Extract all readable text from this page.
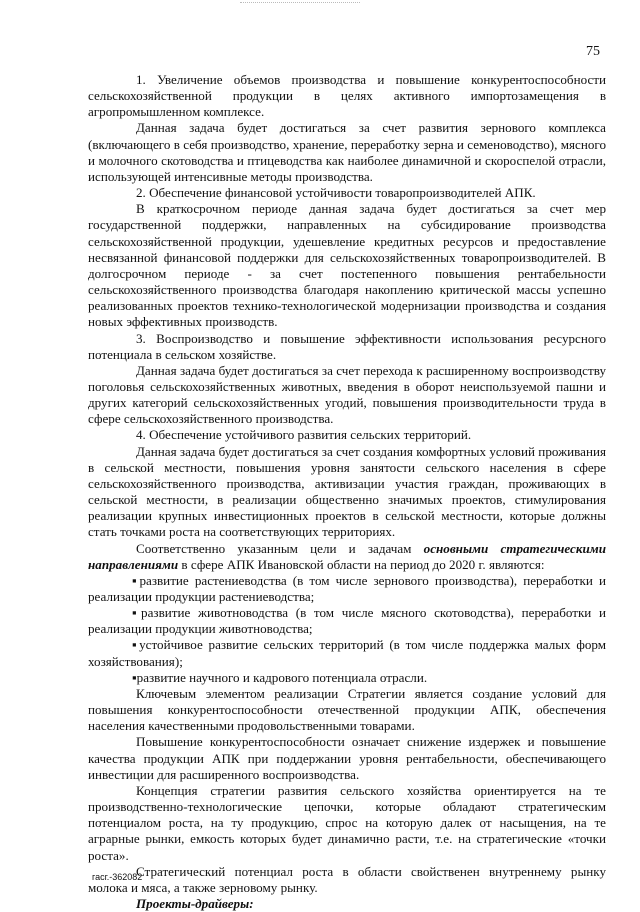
75

1. Увеличение объемов производства и повышение конкурентоспособности сельскохозяйственной продукции в целях активного импортозамещения в агропромышленном комплексе.

Данная задача будет достигаться за счет развития зернового комплекса (включающего в себя производство, хранение, переработку зерна и семеноводство), мясного и молочного скотоводства и птицеводства как наиболее динамичной и скороспелой отрасли, использующей интенсивные методы производства.

2. Обеспечение финансовой устойчивости товаропроизводителей АПК.

В краткосрочном периоде данная задача будет достигаться за счет мер государственной поддержки, направленных на субсидирование производства сельскохозяйственной продукции, удешевление кредитных ресурсов и предоставление несвязанной финансовой поддержки для сельскохозяйственных товаропроизводителей. В долгосрочном периоде - за счет постепенного повышения рентабельности сельскохозяйственного производства благодаря накоплению критической массы успешно реализованных проектов технико-технологической модернизации производства и создания новых эффективных производств.

3. Воспроизводство и повышение эффективности использования ресурсного потенциала в сельском хозяйстве.

Данная задача будет достигаться за счет перехода к расширенному воспроизводству поголовья сельскохозяйственных животных, введения в оборот неиспользуемой пашни и других категорий сельскохозяйственных угодий, повышения производительности труда в сфере сельскохозяйственного производства.

4. Обеспечение устойчивого развития сельских территорий.

Данная задача будет достигаться за счет создания комфортных условий проживания в сельской местности, повышения уровня занятости сельского населения в сфере сельскохозяйственного производства, активизации участия граждан, проживающих в сельской местности, в реализации общественно значимых проектов, стимулирования реализации крупных инвестиционных проектов в сельской местности, которые должны стать точками роста на соответствующих территориях.

Соответственно указанным цели и задачам основными стратегическими направлениями в сфере АПК Ивановской области на период до 2020 г. являются:

▪развитие растениеводства (в том числе зернового производства), переработки и реализации продукции растениеводства;

▪развитие животноводства (в том числе мясного скотоводства), переработки и реализации продукции животноводства;

▪устойчивое развитие сельских территорий (в том числе поддержка малых форм хозяйствования);

▪развитие научного и кадрового потенциала отрасли.

Ключевым элементом реализации Стратегии является создание условий для повышения конкурентоспособности отечественной продукции АПК, обеспечения населения качественными продовольственными товарами.

Повышение конкурентоспособности означает снижение издержек и повышение качества продукции АПК при поддержании уровня рентабельности, обеспечивающего инвестиции для расширенного воспроизводства.

Концепция стратегии развития сельского хозяйства ориентируется на те производственно-технологические цепочки, которые обладают стратегическим потенциалом роста, на ту продукцию, спрос на которую далек от насыщения, на те аграрные рынки, емкость которых будет динамично расти, т.е. на стратегические «точки роста».

Стратегический потенциал роста в области свойственен внутреннему рынку молока и мяса, а также зерновому рынку.

Проекты-драйверы:

гасг.-362082
